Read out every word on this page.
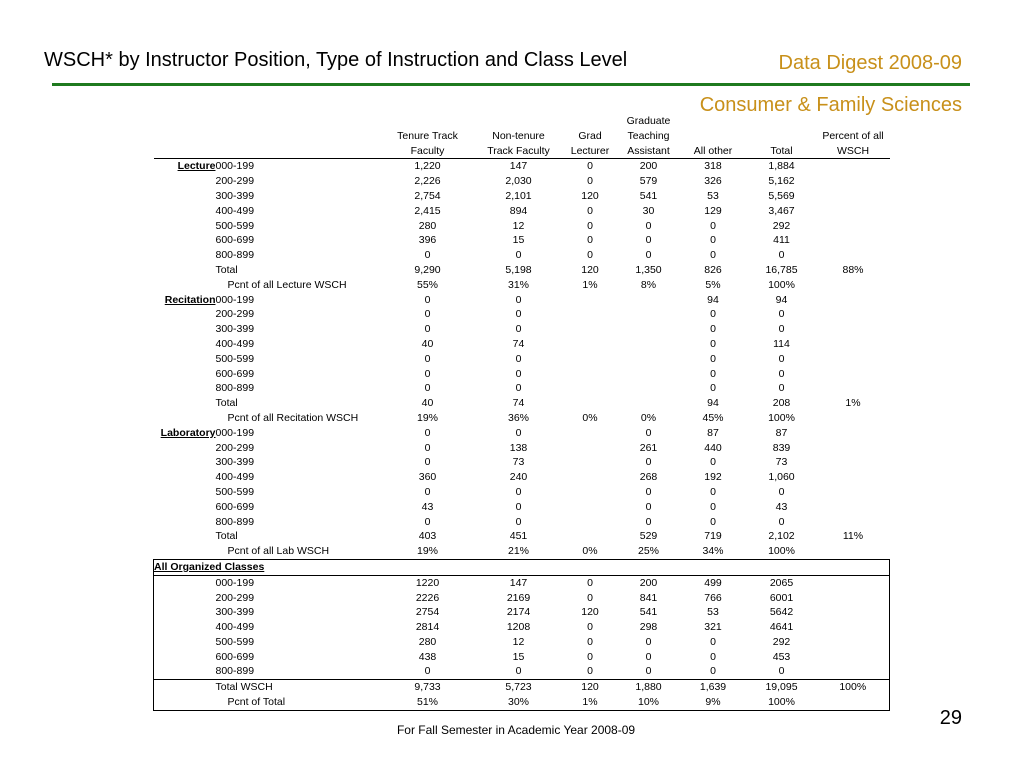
WSCH* by Instructor Position, Type of Instruction and Class Level	Data Digest 2008-09
Consumer & Family Sciences
					Graduate			
		Tenure Track	Non-tenure	Grad	Teaching			Percent of all
		Faculty	Track Faculty	Lecturer	Assistant	All other	Total	WSCH
Lecture	000-199	1,220	147	0	200	318	1,884	
	200-299	2,226	2,030	0	579	326	5,162	
	300-399	2,754	2,101	120	541	53	5,569	
	400-499	2,415	894	0	30	129	3,467	
	500-599	280	12	0	0	0	292	
	600-699	396	15	0	0	0	411	
	800-899	0	0	0	0	0	0	
	Total	9,290	5,198	120	1,350	826	16,785	88%
	Pcnt of all Lecture WSCH	55%	31%	1%	8%	5%	100%	
Recitation	000-199	0	0			94	94	
	200-299	0	0			0	0	
	300-399	0	0			0	0	
	400-499	40	74			0	114	
	500-599	0	0			0	0	
	600-699	0	0			0	0	
	800-899	0	0			0	0	
	Total	40	74			94	208	1%
	Pcnt of all Recitation WSCH	19%	36%	0%	0%	45%	100%	
Laboratory	000-199	0	0		0	87	87	
	200-299	0	138		261	440	839	
	300-399	0	73		0	0	73	
	400-499	360	240		268	192	1,060	
	500-599	0	0		0	0	0	
	600-699	43	0		0	0	43	
	800-899	0	0		0	0	0	
	Total	403	451		529	719	2,102	11%
	Pcnt of all Lab WSCH	19%	21%	0%	25%	34%	100%	
All Organized Classes								
	000-199	1220	147	0	200	499	2065	
	200-299	2226	2169	0	841	766	6001	
	300-399	2754	2174	120	541	53	5642	
	400-499	2814	1208	0	298	321	4641	
	500-599	280	12	0	0	0	292	
	600-699	438	15	0	0	0	453	
	800-899	0	0	0	0	0	0	
	Total WSCH	9,733	5,723	120	1,880	1,639	19,095	100%
	Pcnt of Total	51%	30%	1%	10%	9%	100%	
29
For Fall Semester in Academic Year 2008-09
